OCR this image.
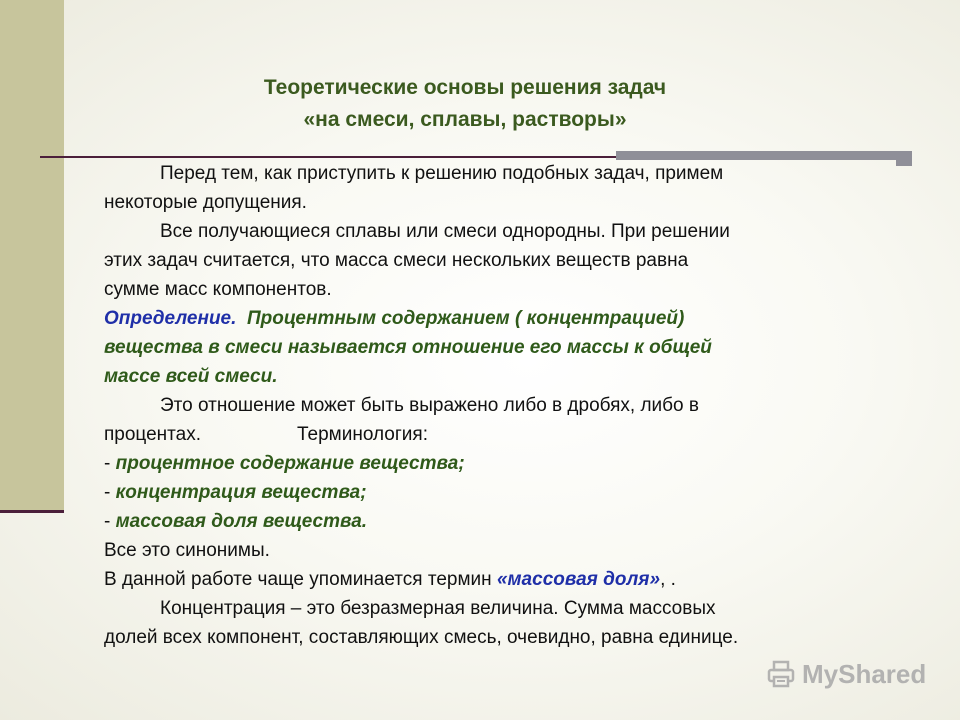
Теоретические основы решения задач
«на смеси, сплавы, растворы»

Перед тем, как приступить к решению подобных задач, примем

некоторые допущения.

Все получающиеся сплавы или смеси однородны. При решении

этих задач считается, что масса смеси нескольких веществ равна

сумме масс компонентов.

Определение. Процентным содержанием ( концентрацией)

вещества в смеси называется отношение его массы к общей

массе всей смеси.

Это отношение может быть выражено либо в дробях, либо в

процентах.	Терминология:

- процентное содержание вещества;

- концентрация вещества;

- массовая доля вещества.

Все это синонимы.

В данной работе чаще упоминается термин «массовая доля», .

Концентрация – это безразмерная величина. Сумма массовых

долей всех компонент, составляющих смесь, очевидно, равна единице.

MyShared
